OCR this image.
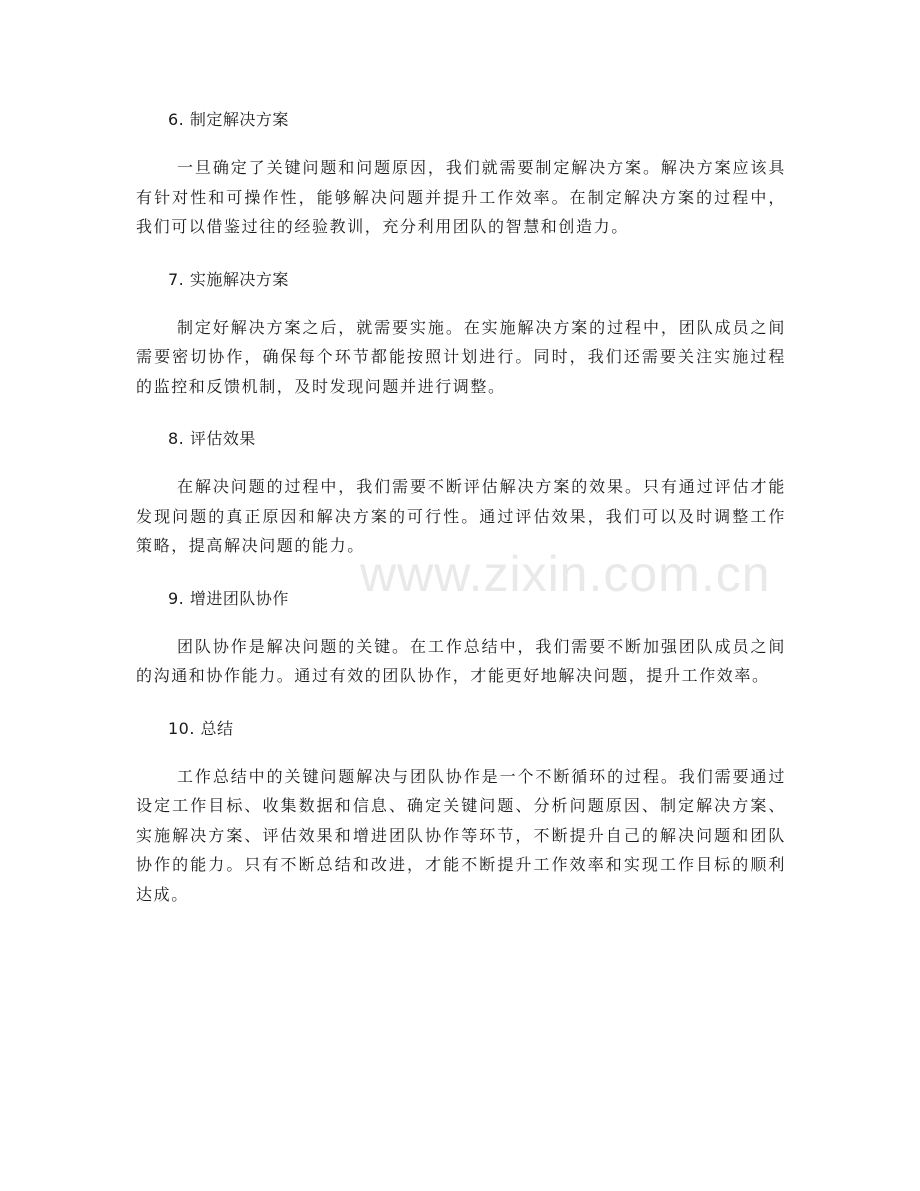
www.zixin.com.cn
6. 制定解决方案

一旦确定了关键问题和问题原因，我们就需要制定解决方案。解决方案应该具有针对性和可操作性，能够解决问题并提升工作效率。在制定解决方案的过程中，我们可以借鉴过往的经验教训，充分利用团队的智慧和创造力。

7. 实施解决方案

制定好解决方案之后，就需要实施。在实施解决方案的过程中，团队成员之间需要密切协作，确保每个环节都能按照计划进行。同时，我们还需要关注实施过程的监控和反馈机制，及时发现问题并进行调整。

8. 评估效果

在解决问题的过程中，我们需要不断评估解决方案的效果。只有通过评估才能发现问题的真正原因和解决方案的可行性。通过评估效果，我们可以及时调整工作策略，提高解决问题的能力。

9. 增进团队协作

团队协作是解决问题的关键。在工作总结中，我们需要不断加强团队成员之间的沟通和协作能力。通过有效的团队协作，才能更好地解决问题，提升工作效率。

10. 总结

工作总结中的关键问题解决与团队协作是一个不断循环的过程。我们需要通过设定工作目标、收集数据和信息、确定关键问题、分析问题原因、制定解决方案、实施解决方案、评估效果和增进团队协作等环节，不断提升自己的解决问题和团队协作的能力。只有不断总结和改进，才能不断提升工作效率和实现工作目标的顺利达成。
